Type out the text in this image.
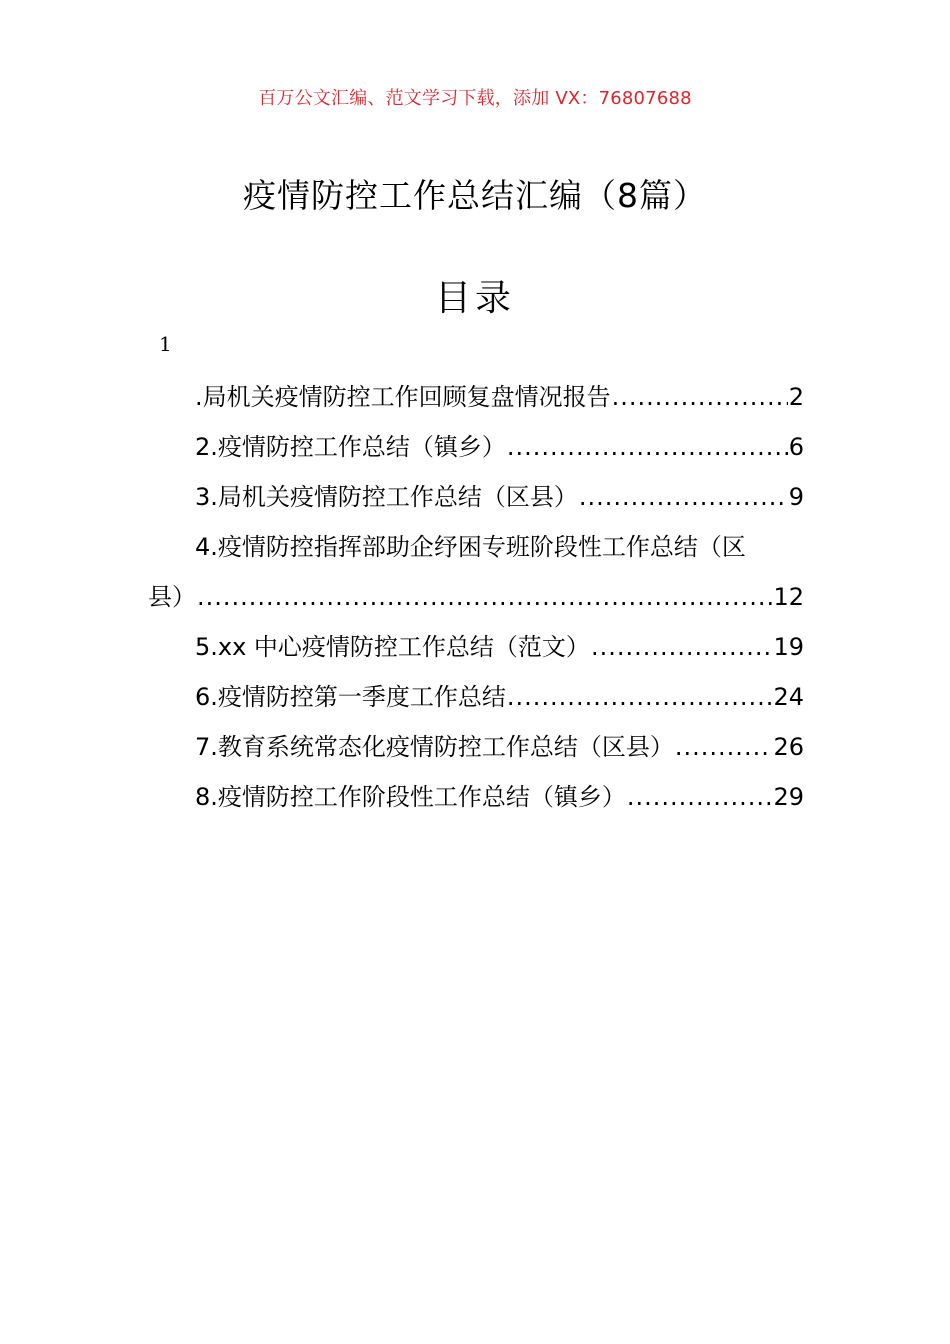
百万公文汇编、范文学习下载，添加 VX：76807688
疫情防控工作总结汇编（8篇）
目录
1
.局机关疫情防控工作回顾复盘情况报告 .....	2
2.疫情防控工作总结（镇乡） .....	6
3.局机关疫情防控工作总结（区县） .....	9
4.疫情防控指挥部助企纾困专班阶段性工作总结（区
县） .....	12
5.xx 中心疫情防控工作总结（范文） .....	19
6.疫情防控第一季度工作总结 .....	24
7.教育系统常态化疫情防控工作总结（区县） .....	26
8.疫情防控工作阶段性工作总结（镇乡） .....	29
